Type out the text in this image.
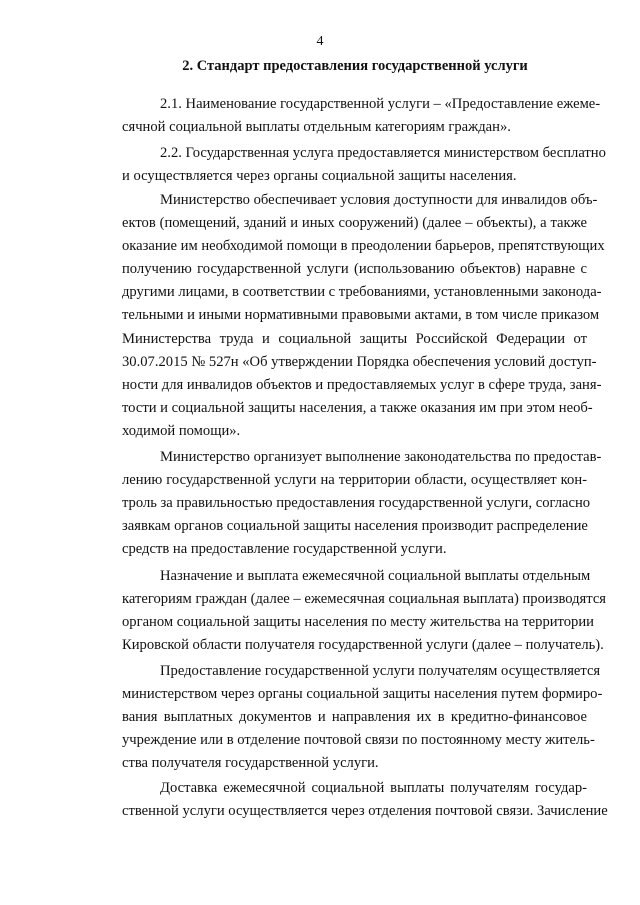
4
2. Стандарт предоставления государственной услуги

2.1. Наименование государственной услуги – «Предоставление ежеме-
сячной социальной выплаты отдельным категориям граждан».

2.2. Государственная услуга предоставляется министерством бесплатно
и осуществляется через органы социальной защиты населения.

Министерство обеспечивает условия доступности для инвалидов объ-
ектов (помещений, зданий и иных сооружений) (далее – объекты), а также
оказание им необходимой помощи в преодолении барьеров, препятствующих
получению государственной услуги (использованию объектов) наравне с
другими лицами, в соответствии с требованиями, установленными законода-
тельными и иными нормативными правовыми актами, в том числе приказом
Министерства труда и социальной защиты Российской Федерации от
30.07.2015 № 527н «Об утверждении Порядка обеспечения условий доступ-
ности для инвалидов объектов и предоставляемых услуг в сфере труда, заня-
тости и социальной защиты населения, а также оказания им при этом необ-
ходимой помощи».

Министерство организует выполнение законодательства по предостав-
лению государственной услуги на территории области, осуществляет кон-
троль за правильностью предоставления государственной услуги, согласно
заявкам органов социальной защиты населения производит распределение
средств на предоставление государственной услуги.

Назначение и выплата ежемесячной социальной выплаты отдельным
категориям граждан (далее – ежемесячная социальная выплата) производятся
органом социальной защиты населения по месту жительства на территории
Кировской области получателя государственной услуги (далее – получатель).

Предоставление государственной услуги получателям осуществляется
министерством через органы социальной защиты населения путем формиро-
вания выплатных документов и направления их в кредитно-финансовое
учреждение или в отделение почтовой связи по постоянному месту житель-
ства получателя государственной услуги.

Доставка ежемесячной социальной выплаты получателям государ-
ственной услуги осуществляется через отделения почтовой связи. Зачисление
